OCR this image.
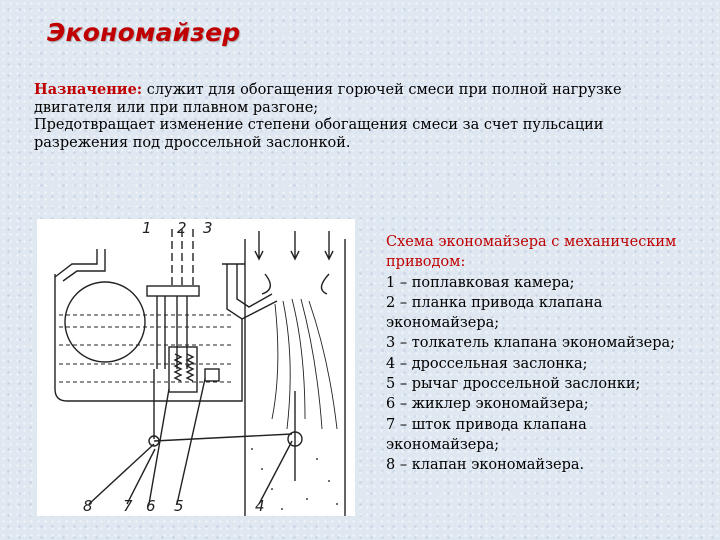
Экономайзер

Назначение: служит для обогащения горючей смеси при полной нагрузке двигателя или при плавном разгоне;

Предотвращает изменение степени обогащения смеси за счет пульсации разрежения под дроссельной заслонкой.

1 2 3
8 7 6 5	4
Схема экономайзера с механическим приводом:
1 – поплавковая камера;
2 – планка привода клапана экономайзера;
3 – толкатель клапана экономайзера;
4 – дроссельная заслонка;
5 – рычаг дроссельной заслонки;
6 – жиклер экономайзера;
7 – шток привода клапана экономайзера;
8 – клапан экономайзера.
